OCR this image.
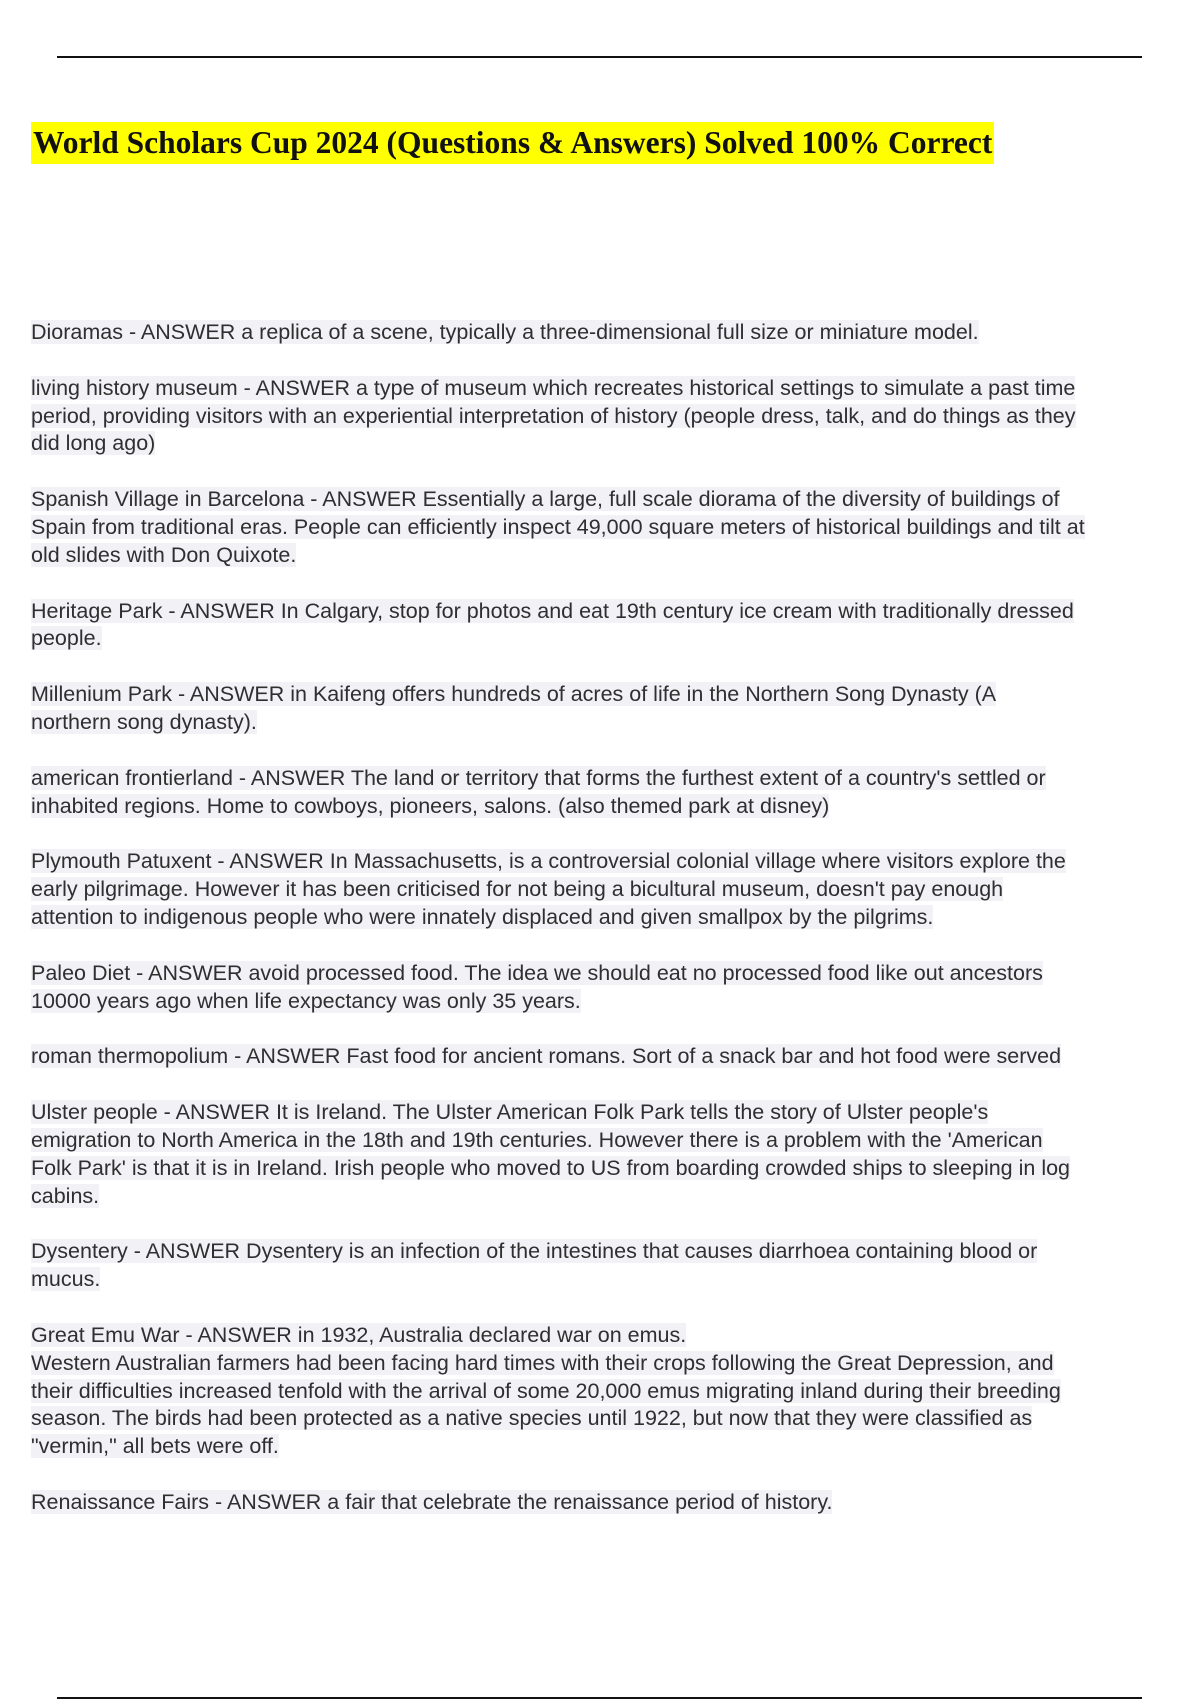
World Scholars Cup 2024 (Questions & Answers) Solved 100% Correct
Dioramas - ANSWER a replica of a scene, typically a three-dimensional full size or miniature model.
living history museum - ANSWER a type of museum which recreates historical settings to simulate a past time
period, providing visitors with an experiential interpretation of history (people dress, talk, and do things as they
did long ago)
Spanish Village in Barcelona - ANSWER Essentially a large, full scale diorama of the diversity of buildings of
Spain from traditional eras. People can efficiently inspect 49,000 square meters of historical buildings and tilt at
old slides with Don Quixote.
Heritage Park - ANSWER In Calgary, stop for photos and eat 19th century ice cream with traditionally dressed
people.
Millenium Park - ANSWER in Kaifeng offers hundreds of acres of life in the Northern Song Dynasty (A
northern song dynasty).
american frontierland - ANSWER The land or territory that forms the furthest extent of a country's settled or
inhabited regions. Home to cowboys, pioneers, salons. (also themed park at disney)
Plymouth Patuxent - ANSWER In Massachusetts, is a controversial colonial village where visitors explore the
early pilgrimage. However it has been criticised for not being a bicultural museum, doesn't pay enough
attention to indigenous people who were innately displaced and given smallpox by the pilgrims.
Paleo Diet - ANSWER avoid processed food. The idea we should eat no processed food like out ancestors
10000 years ago when life expectancy was only 35 years.
roman thermopolium - ANSWER Fast food for ancient romans. Sort of a snack bar and hot food were served
Ulster people - ANSWER It is Ireland. The Ulster American Folk Park tells the story of Ulster people's
emigration to North America in the 18th and 19th centuries. However there is a problem with the 'American
Folk Park' is that it is in Ireland. Irish people who moved to US from boarding crowded ships to sleeping in log
cabins.
Dysentery - ANSWER Dysentery is an infection of the intestines that causes diarrhoea containing blood or
mucus.
Great Emu War - ANSWER in 1932, Australia declared war on emus.
Western Australian farmers had been facing hard times with their crops following the Great Depression, and
their difficulties increased tenfold with the arrival of some 20,000 emus migrating inland during their breeding
season. The birds had been protected as a native species until 1922, but now that they were classified as
"vermin," all bets were off.
Renaissance Fairs - ANSWER a fair that celebrate the renaissance period of history.
